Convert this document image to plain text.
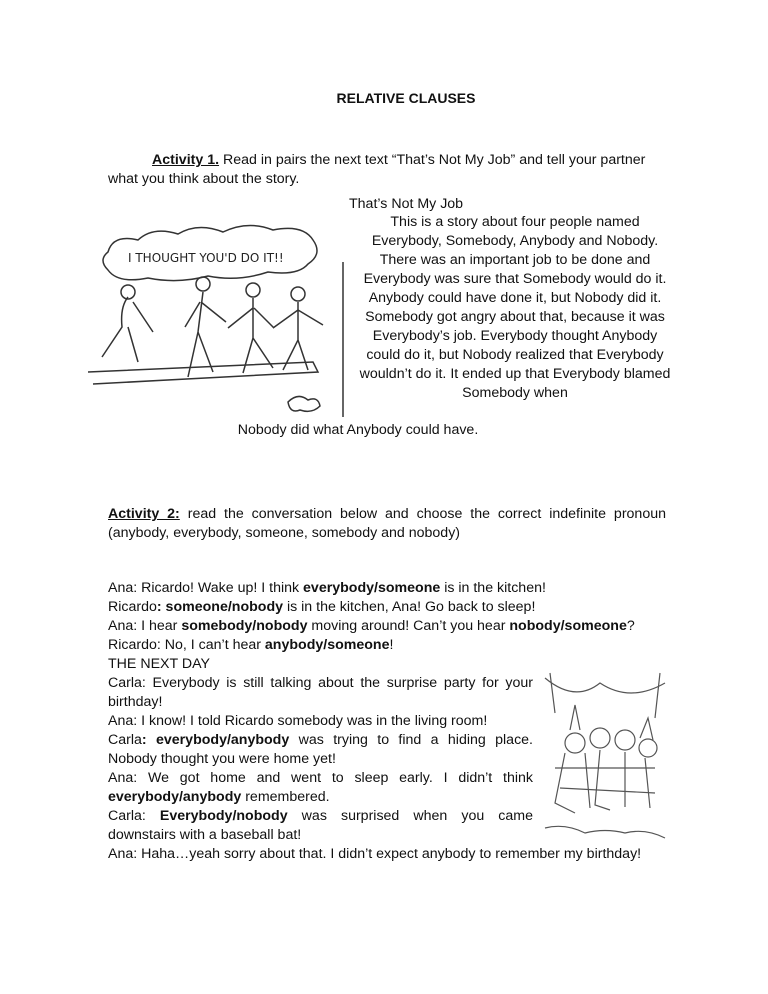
RELATIVE CLAUSES
Activity 1. Read in pairs the next text “That’s Not My Job” and tell your partner what you think about the story.
I THOUGHT YOU'D DO IT!!
That’s Not My Job
This is a story about four people named Everybody, Somebody, Anybody and Nobody. There was an important job to be done and Everybody was sure that Somebody would do it. Anybody could have done it, but Nobody did it. Somebody got angry about that, because it was Everybody’s job. Everybody thought Anybody could do it, but Nobody realized that Everybody wouldn’t do it. It ended up that Everybody blamed Somebody when
Nobody did what Anybody could have.
Activity 2: read the conversation below and choose the correct indefinite pronoun
(anybody, everybody, someone, somebody and nobody)
Ana: Ricardo! Wake up! I think everybody/someone is in the kitchen!
Ricardo: someone/nobody is in the kitchen, Ana! Go back to sleep!
Ana: I hear somebody/nobody moving around! Can’t you hear nobody/someone?
Ricardo: No, I can’t hear anybody/someone!
THE NEXT DAY
Carla: Everybody is still talking about the surprise party for your birthday!
Ana: I know! I told Ricardo somebody was in the living room!
Carla: everybody/anybody was trying to find a hiding place. Nobody thought you were home yet!
Ana: We got home and went to sleep early. I didn’t think everybody/anybody remembered.
Carla: Everybody/nobody was surprised when you came downstairs with a baseball bat!
Ana: Haha…yeah sorry about that. I didn’t expect anybody to remember my birthday!
